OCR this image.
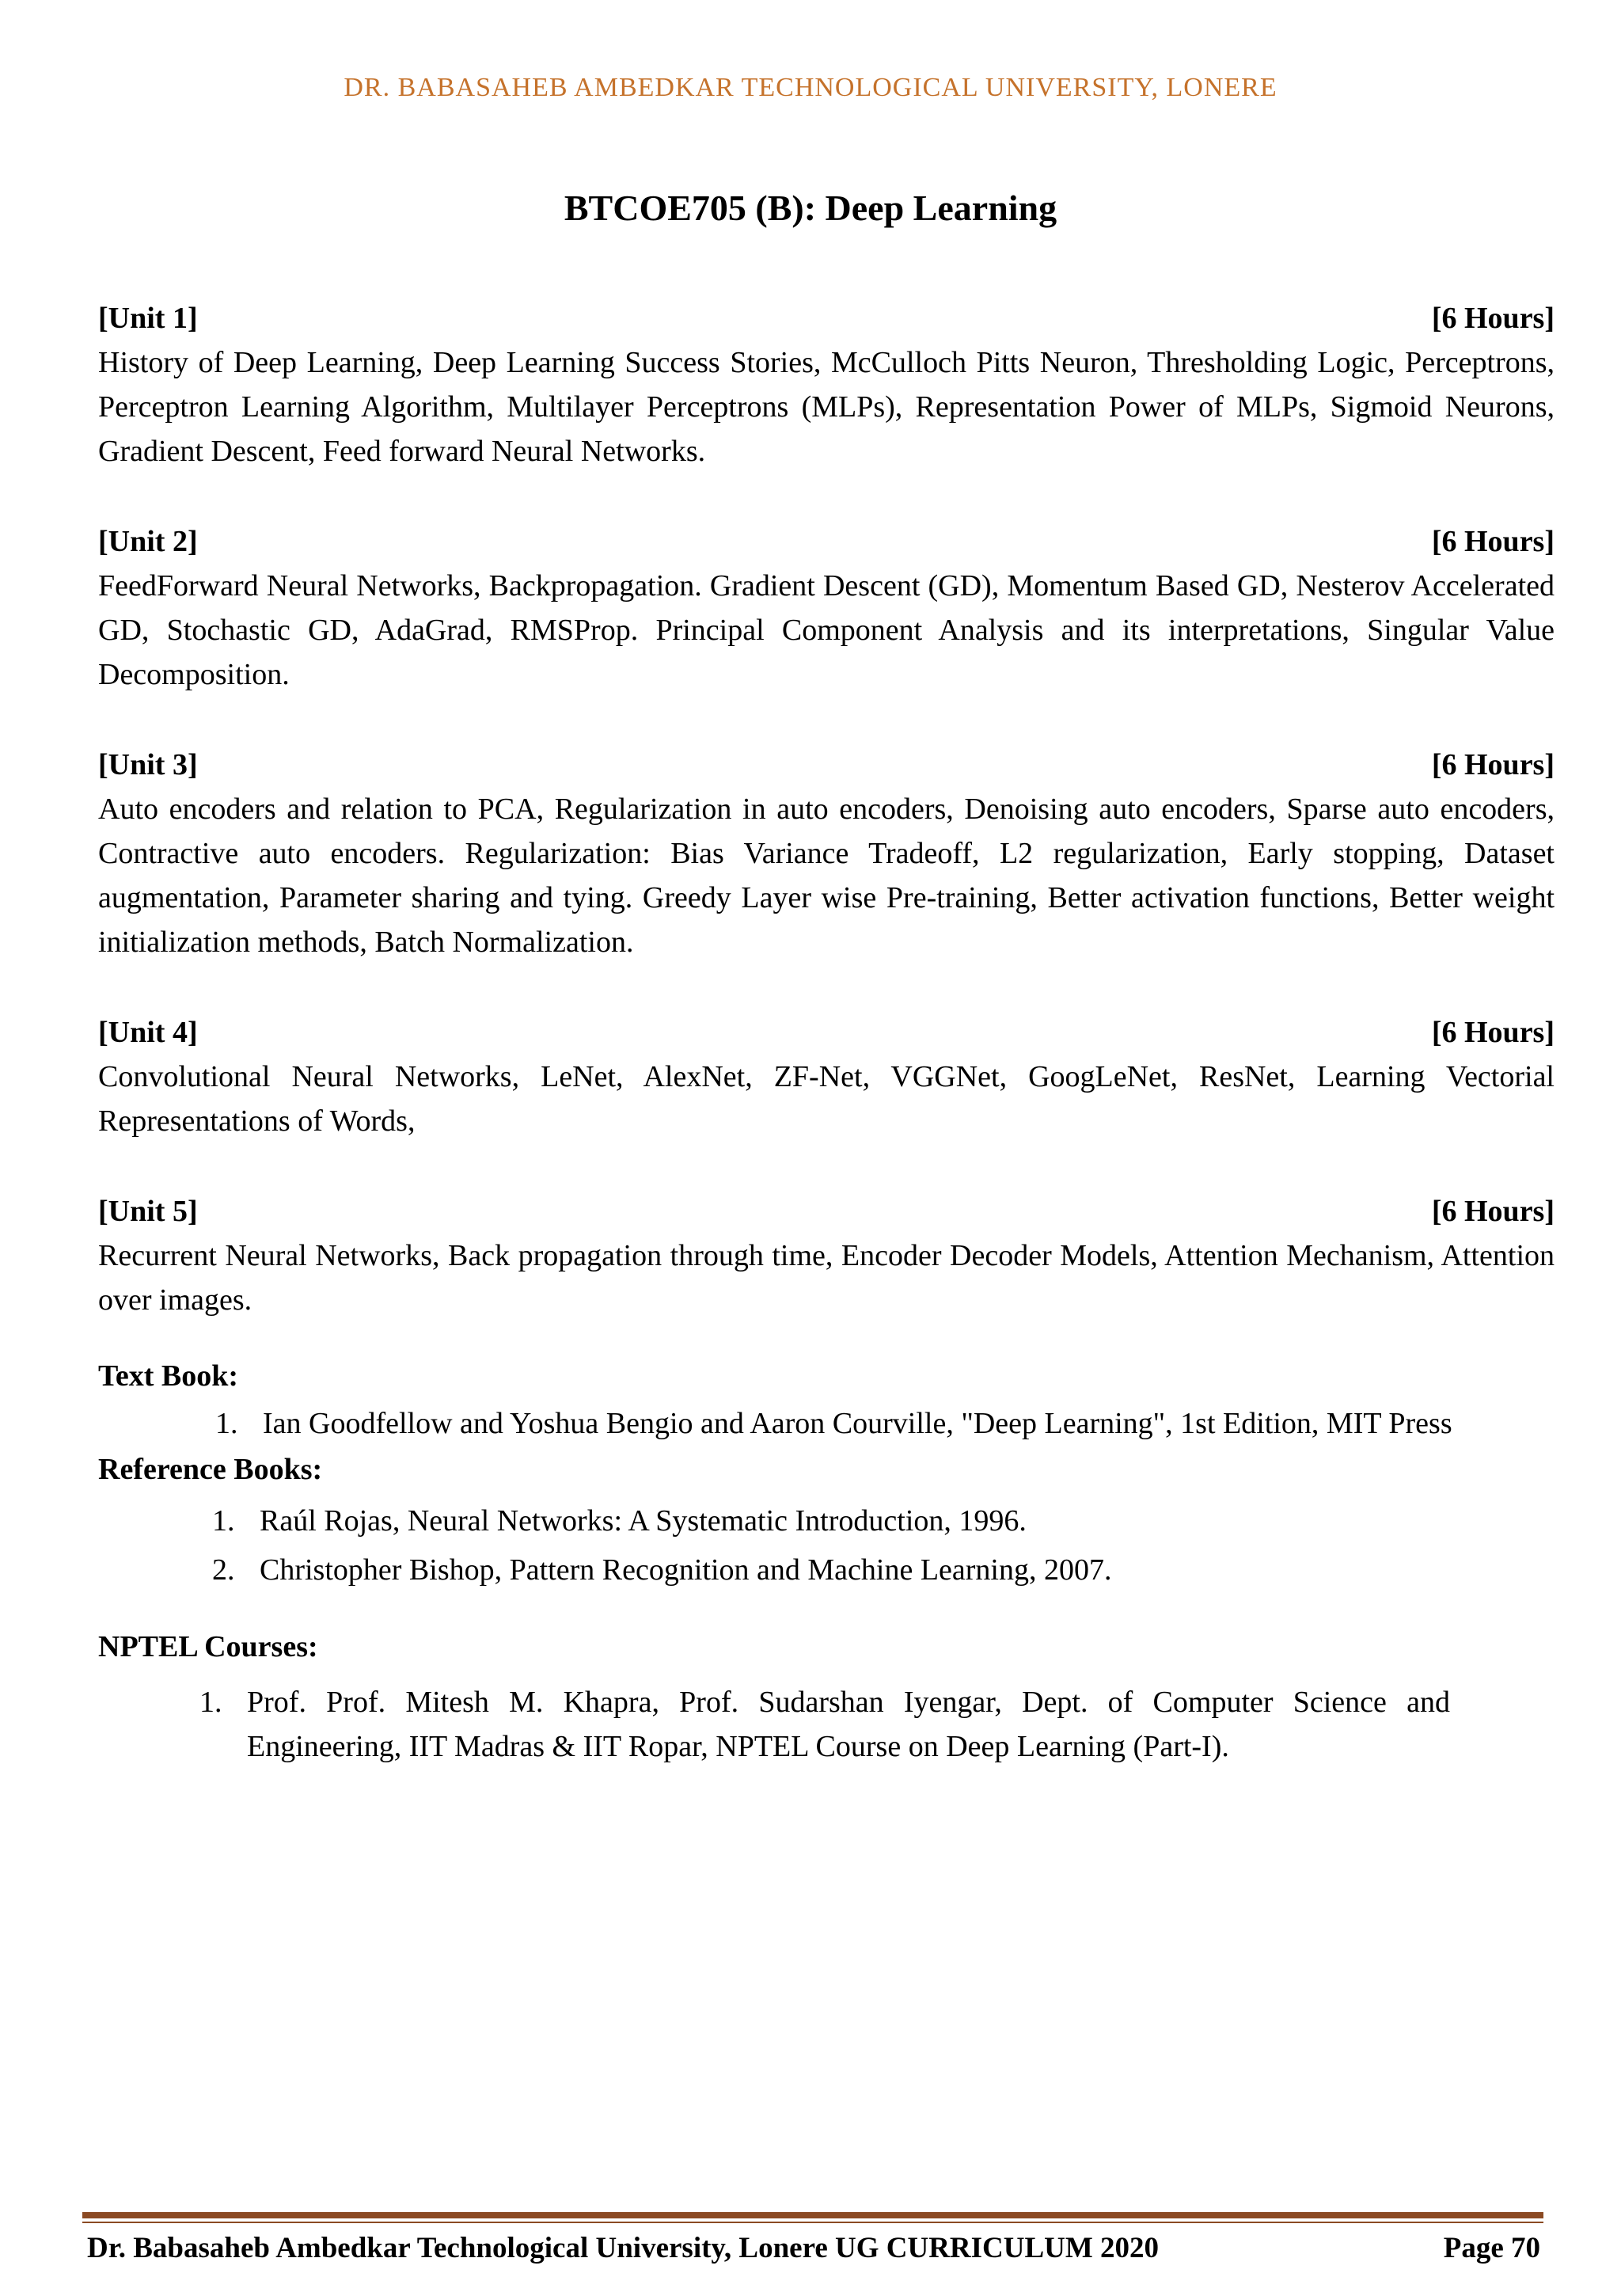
DR. BABASAHEB AMBEDKAR TECHNOLOGICAL UNIVERSITY, LONERE
BTCOE705 (B): Deep Learning
[Unit 1]	[6 Hours]
History of Deep Learning, Deep Learning Success Stories, McCulloch Pitts Neuron, Thresholding Logic, Perceptrons, Perceptron Learning Algorithm, Multilayer Perceptrons (MLPs), Representation Power of MLPs, Sigmoid Neurons, Gradient Descent, Feed forward Neural Networks.
[Unit 2]	[6 Hours]
FeedForward Neural Networks, Backpropagation. Gradient Descent (GD), Momentum Based GD, Nesterov Accelerated GD, Stochastic GD, AdaGrad, RMSProp. Principal Component Analysis and its interpretations, Singular Value Decomposition.
[Unit 3]	[6 Hours]
Auto encoders and relation to PCA, Regularization in auto encoders, Denoising auto encoders, Sparse auto encoders, Contractive auto encoders. Regularization: Bias Variance Tradeoff, L2 regularization, Early stopping, Dataset augmentation, Parameter sharing and tying. Greedy Layer wise Pre-training, Better activation functions, Better weight initialization methods, Batch Normalization.
[Unit 4]	[6 Hours]
Convolutional Neural Networks, LeNet, AlexNet, ZF-Net, VGGNet, GoogLeNet, ResNet, Learning Vectorial Representations of Words,
[Unit 5]	[6 Hours]
Recurrent Neural Networks, Back propagation through time, Encoder Decoder Models, Attention Mechanism, Attention over images.
Text Book:
1. Ian Goodfellow and Yoshua Bengio and Aaron Courville, "Deep Learning", 1st Edition, MIT Press
Reference Books:
1. Raúl Rojas, Neural Networks: A Systematic Introduction, 1996.
2. Christopher Bishop, Pattern Recognition and Machine Learning, 2007.
NPTEL Courses:
1. Prof. Prof. Mitesh M. Khapra, Prof. Sudarshan Iyengar, Dept. of Computer Science and Engineering, IIT Madras & IIT Ropar, NPTEL Course on Deep Learning (Part-I).
Dr. Babasaheb Ambedkar Technological University, Lonere UG CURRICULUM 2020	Page 70
